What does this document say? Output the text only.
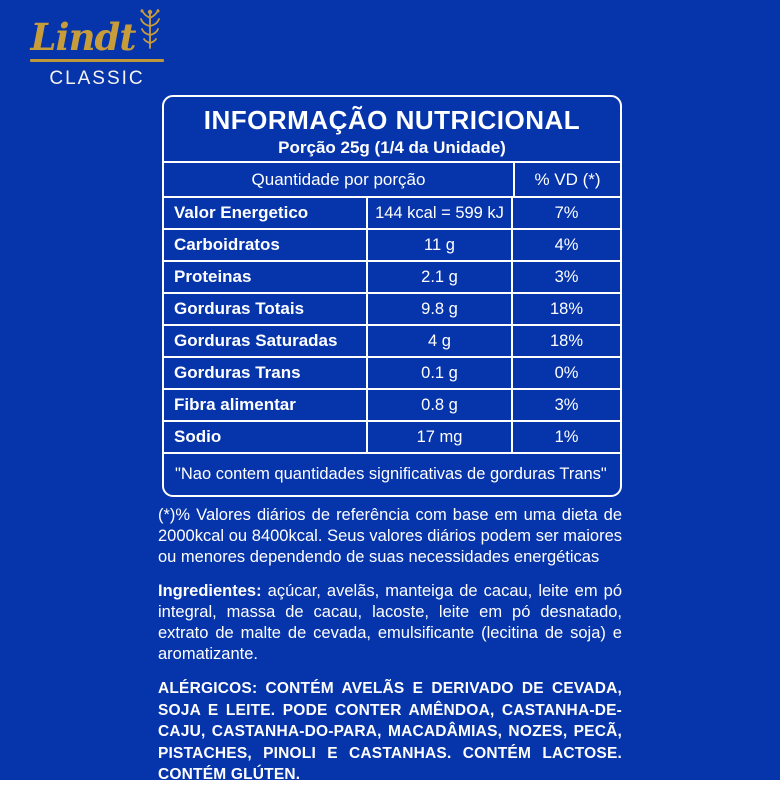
Lindt
CLASSIC
INFORMAÇÃO NUTRICIONAL
Porção 25g (1/4 da Unidade)
Quantidade por porção	% VD (*)
Valor Energetico	144 kcal = 599 kJ	7%
Carboidratos	11 g	4%
Proteinas	2.1 g	3%
Gorduras Totais	9.8 g	18%
Gorduras Saturadas	4 g	18%
Gorduras Trans	0.1 g	0%
Fibra alimentar	0.8 g	3%
Sodio	17 mg	1%
"Nao contem quantidades significativas de gorduras Trans"
(*)% Valores diários de referência com base em uma dieta de 2000kcal ou 8400kcal. Seus valores diários podem ser maiores ou menores dependendo de suas necessidades energéticas
Ingredientes: açúcar, avelãs, manteiga de cacau, leite em pó integral, massa de cacau, lacoste, leite em pó desnatado, extrato de malte de cevada, emulsificante (lecitina de soja) e aromatizante.
ALÉRGICOS: CONTÉM AVELÃS E DERIVADO DE CEVADA, SOJA E LEITE. PODE CONTER AMÊNDOA, CASTANHA-DE-CAJU, CASTANHA-DO-PARA, MACADÂMIAS, NOZES, PECÃ, PISTACHES, PINOLI E CASTANHAS. CONTÉM LACTOSE. CONTÉM GLÚTEN.
